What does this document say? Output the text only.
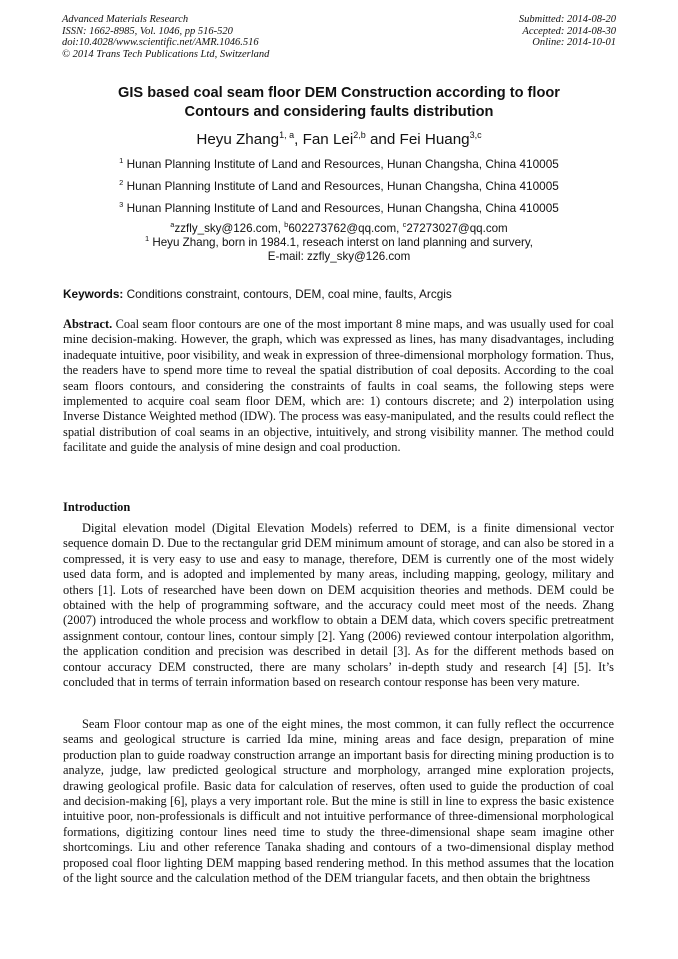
Advanced Materials Research
ISSN: 1662-8985, Vol. 1046, pp 516-520
doi:10.4028/www.scientific.net/AMR.1046.516
© 2014 Trans Tech Publications Ltd, Switzerland
Submitted: 2014-08-20
Accepted: 2014-08-30
Online: 2014-10-01
GIS based coal seam floor DEM Construction according to floor
Contours and considering faults distribution
Heyu Zhang$^{1, a}$, Fan Lei$^{2,b}$ and Fei Huang$^{3,c}$
$^1$ Hunan Planning Institute of Land and Resources, Hunan Changsha, China 410005
$^2$ Hunan Planning Institute of Land and Resources, Hunan Changsha, China 410005
$^3$ Hunan Planning Institute of Land and Resources, Hunan Changsha, China 410005
$^a$zzfly_sky@126.com, $^b$602273762@qq.com, $^c$27273027@qq.com
$^1$ Heyu Zhang, born in 1984.1, reseach interst on land planning and survery,
E-mail: zzfly_sky@126.com
Keywords: Conditions constraint, contours, DEM, coal mine, faults, Arcgis
Abstract. Coal seam floor contours are one of the most important 8 mine maps, and was usually used for coal mine decision-making. However, the graph, which was expressed as lines, has many disadvantages, including inadequate intuitive, poor visibility, and weak in expression of three-dimensional morphology formation. Thus, the readers have to spend more time to reveal the spatial distribution of coal deposits. According to the coal seam floors contours, and considering the constraints of faults in coal seams, the following steps were implemented to acquire coal seam floor DEM, which are: 1) contours discrete; and 2) interpolation using Inverse Distance Weighted method (IDW). The process was easy-manipulated, and the results could reflect the spatial distribution of coal seams in an objective, intuitively, and strong visibility manner. The method could facilitate and guide the analysis of mine design and coal production.
Introduction

Digital elevation model (Digital Elevation Models) referred to DEM, is a finite dimensional vector sequence domain D. Due to the rectangular grid DEM minimum amount of storage, and can also be stored in a compressed, it is very easy to use and easy to manage, therefore, DEM is currently one of the most widely used data form, and is adopted and implemented by many areas, including mapping, geology, military and others [1]. Lots of researched have been down on DEM acquisition theories and methods. DEM could be obtained with the help of programming software, and the accuracy could meet most of the needs. Zhang (2007) introduced the whole process and workflow to obtain a DEM data, which covers specific pretreatment assignment contour, contour lines, contour simply [2]. Yang (2006) reviewed contour interpolation algorithm, the application condition and precision was described in detail [3]. As for the different methods based on contour accuracy DEM constructed, there are many scholars’ in-depth study and research [4] [5]. It’s concluded that in terms of terrain information based on research contour response has been very mature.

Seam Floor contour map as one of the eight mines, the most common, it can fully reflect the occurrence seams and geological structure is carried Ida mine, mining areas and face design, preparation of mine production plan to guide roadway construction arrange an important basis for directing mining production is to analyze, judge, law predicted geological structure and morphology, arranged mine exploration projects, drawing geological profile. Basic data for calculation of reserves, often used to guide the production of coal and decision-making [6], plays a very important role. But the mine is still in line to express the basic existence intuitive poor, non-professionals is difficult and not intuitive performance of three-dimensional morphological formations, digitizing contour lines need time to study the three-dimensional shape seam imagine other shortcomings. Liu and other reference Tanaka shading and contours of a two-dimensional display method proposed coal floor lighting DEM mapping based rendering method. In this method assumes that the location of the light source and the calculation method of the DEM triangular facets, and then obtain the brightness
